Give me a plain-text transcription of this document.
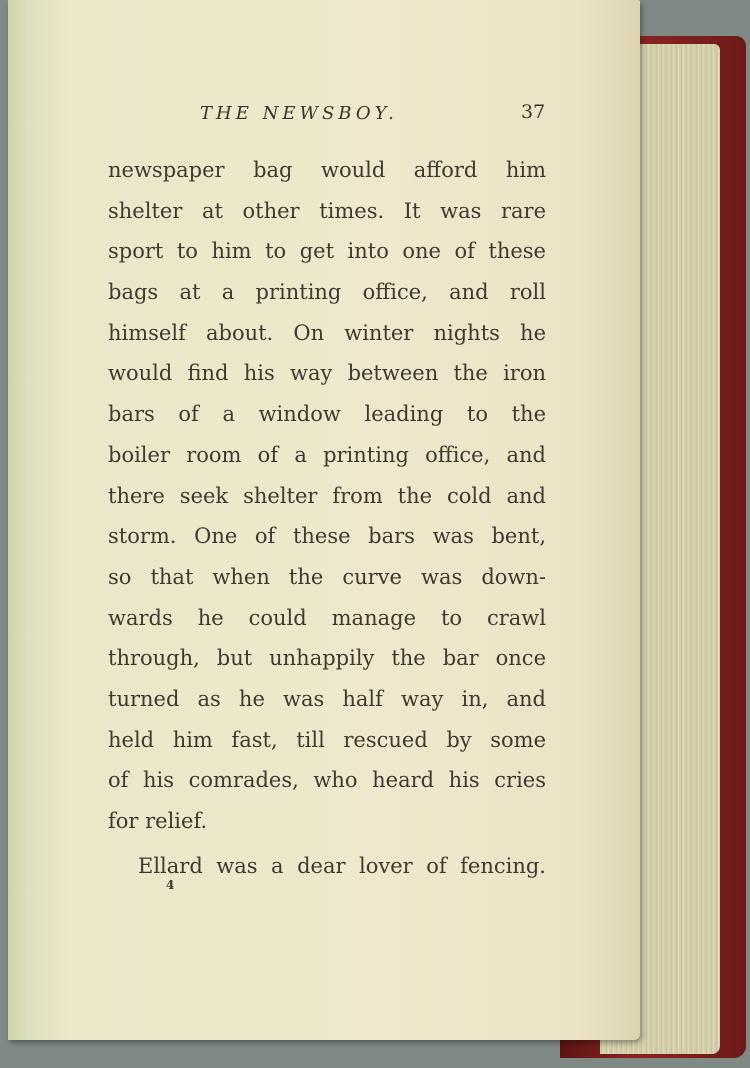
THE NEWSBOY.	37
newspaper bag would afford him
shelter at other times. It was rare
sport to him to get into one of these
bags at a printing office, and roll
himself about. On winter nights he
would find his way between the iron
bars of a window leading to the
boiler room of a printing office, and
there seek shelter from the cold and
storm. One of these bars was bent,
so that when the curve was down-
wards he could manage to crawl
through, but unhappily the bar once
turned as he was half way in, and
held him fast, till rescued by some
of his comrades, who heard his cries
for relief.
Ellard was a dear lover of fencing.
4
